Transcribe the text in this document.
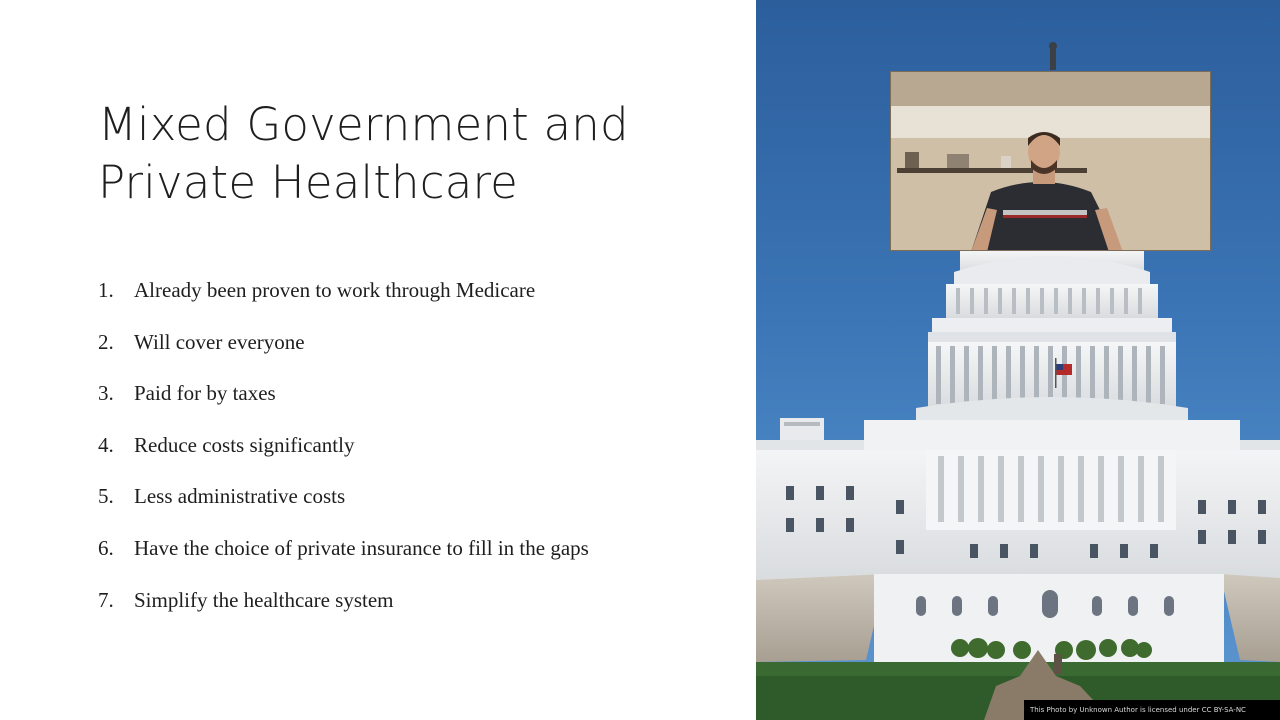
Mixed Government and
Private Healthcare
1. Already been proven to work through Medicare
2. Will cover everyone
3. Paid for by taxes
4. Reduce costs significantly
5. Less administrative costs
6. Have the choice of private insurance to fill in the gaps
7. Simplify the healthcare system
This Photo by Unknown Author is licensed under CC BY-SA-NC
